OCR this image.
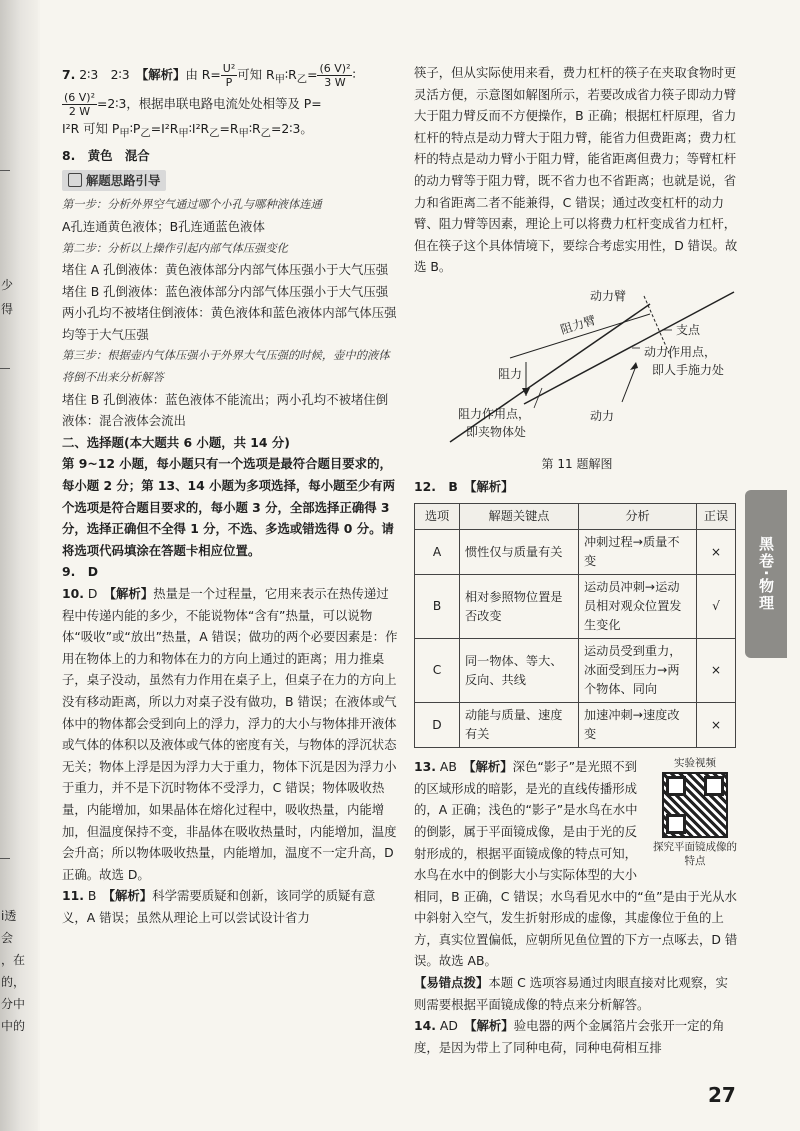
少
得
i透
会
，在
的，
分中
中的

7. 2∶3　2∶3　【解析】由 $R= \frac{\text{U²}}{P}$ 可知 $R_甲∶R_乙= \frac{\text{(6 V)²}}{3 W}$ ∶

$\frac{\text{(6 V)²}}{2 W}$ =2∶3，根据串联电路电流处处相等及 P=
I²R 可知 $P_甲∶P_乙=I^2R_甲∶I^2R_乙=R_甲∶R_乙=2∶3$。

8.　黄色　混合

解题思路引导

第一步：分析外界空气通过哪个小孔与哪种液体连通

A孔连通黄色液体；B孔连通蓝色液体

第二步：分析以上操作引起内部气体压强变化

堵住 A 孔倒液体：黄色液体部分内部气体压强小于大气压强

堵住 B 孔倒液体：蓝色液体部分内部气体压强小于大气压强

两小孔均不被堵住倒液体：黄色液体和蓝色液体内部气体压强均等于大气压强

第三步：根据壶内气体压强小于外界大气压强的时候，壶中的液体将倒不出来分析解答

堵住 B 孔倒液体：蓝色液体不能流出；两小孔均不被堵住倒液体：混合液体会流出

二、选择题(本大题共 6 小题，共 14 分)

第 9~12 小题，每小题只有一个选项是最符合题目要求的，每小题 2 分；第 13、14 小题为多项选择，每小题至少有两个选项是符合题目要求的，每小题 3 分，全部选择正确得 3 分，选择正确但不全得 1 分，不选、多选或错选得 0 分。请将选项代码填涂在答题卡相应位置。

9.　D

10. D　【解析】热量是一个过程量，它用来表示在热传递过程中传递内能的多少，不能说物体“含有”热量，可以说物体“吸收”或“放出”热量，A 错误；做功的两个必要因素是：作用在物体上的力和物体在力的方向上通过的距离；用力推桌子，桌子没动，虽然有力作用在桌子上，但桌子在力的方向上没有移动距离，所以力对桌子没有做功，B 错误；在液体或气体中的物体都会受到向上的浮力，浮力的大小与物体排开液体或气体的体积以及液体或气体的密度有关，与物体的浮沉状态无关；物体上浮是因为浮力大于重力，物体下沉是因为浮力小于重力，并不是下沉时物体不受浮力，C 错误；物体吸收热量，内能增加，如果晶体在熔化过程中，吸收热量，内能增加，但温度保持不变，非晶体在吸收热量时，内能增加，温度会升高；所以物体吸收热量，内能增加，温度不一定升高，D 正确。故选 D。

11. B　【解析】科学需要质疑和创新，该同学的质疑有意义，A 错误；虽然从理论上可以尝试设计省力

筷子，但从实际使用来看，费力杠杆的筷子在夹取食物时更灵活方便，示意图如解图所示，若要改成省力筷子即动力臂大于阻力臂反而不方便操作，B 正确；根据杠杆原理，省力杠杆的特点是动力臂大于阻力臂，能省力但费距离；费力杠杆的特点是动力臂小于阻力臂，能省距离但费力；等臂杠杆的动力臂等于阻力臂，既不省力也不省距离；也就是说，省力和省距离二者不能兼得，C 错误；通过改变杠杆的动力臂、阻力臂等因素，理论上可以将费力杠杆变成省力杠杆，但在筷子这个具体情境下，要综合考虑实用性，D 错误。故选 B。

动力臂
阻力臂
阻力
支点
动力作用点，
即人手施力处
阻力作用点，
即夹物体处
动力

第 11 题解图

12.　B　【解析】

选项	解题关键点	分析	正误
A	惯性仅与质量有关	冲刺过程→质量不变	×
B	相对参照物位置是否改变	运动员冲刺→运动员相对观众位置发生变化	√
C	同一物体、等大、反向、共线	运动员受到重力，冰面受到压力→两个物体、同向	×
D	动能与质量、速度有关	加速冲刺→速度改变	×
实验视频
探究平面镜成像的特点

13. AB　【解析】深色“影子”是光照不到的区域形成的暗影，是光的直线传播形成的，A 正确；浅色的“影子”是水鸟在水中的倒影，属于平面镜成像，是由于光的反射形成的，根据平面镜成像的特点可知，水鸟在水中的倒影大小与实际体型的大小相同，B 正确，C 错误；水鸟看见水中的“鱼”是由于光从水中斜射入空气，发生折射形成的虚像，其虚像位于鱼的上方，真实位置偏低，应朝所见鱼位置的下方一点啄去，D 错误。故选 AB。

【易错点拨】本题 C 选项容易通过肉眼直接对比观察，实则需要根据平面镜成像的特点来分析解答。

14. AD　【解析】验电器的两个金属箔片会张开一定的角度，是因为带上了同种电荷，同种电荷相互排

黑卷·物理
27
